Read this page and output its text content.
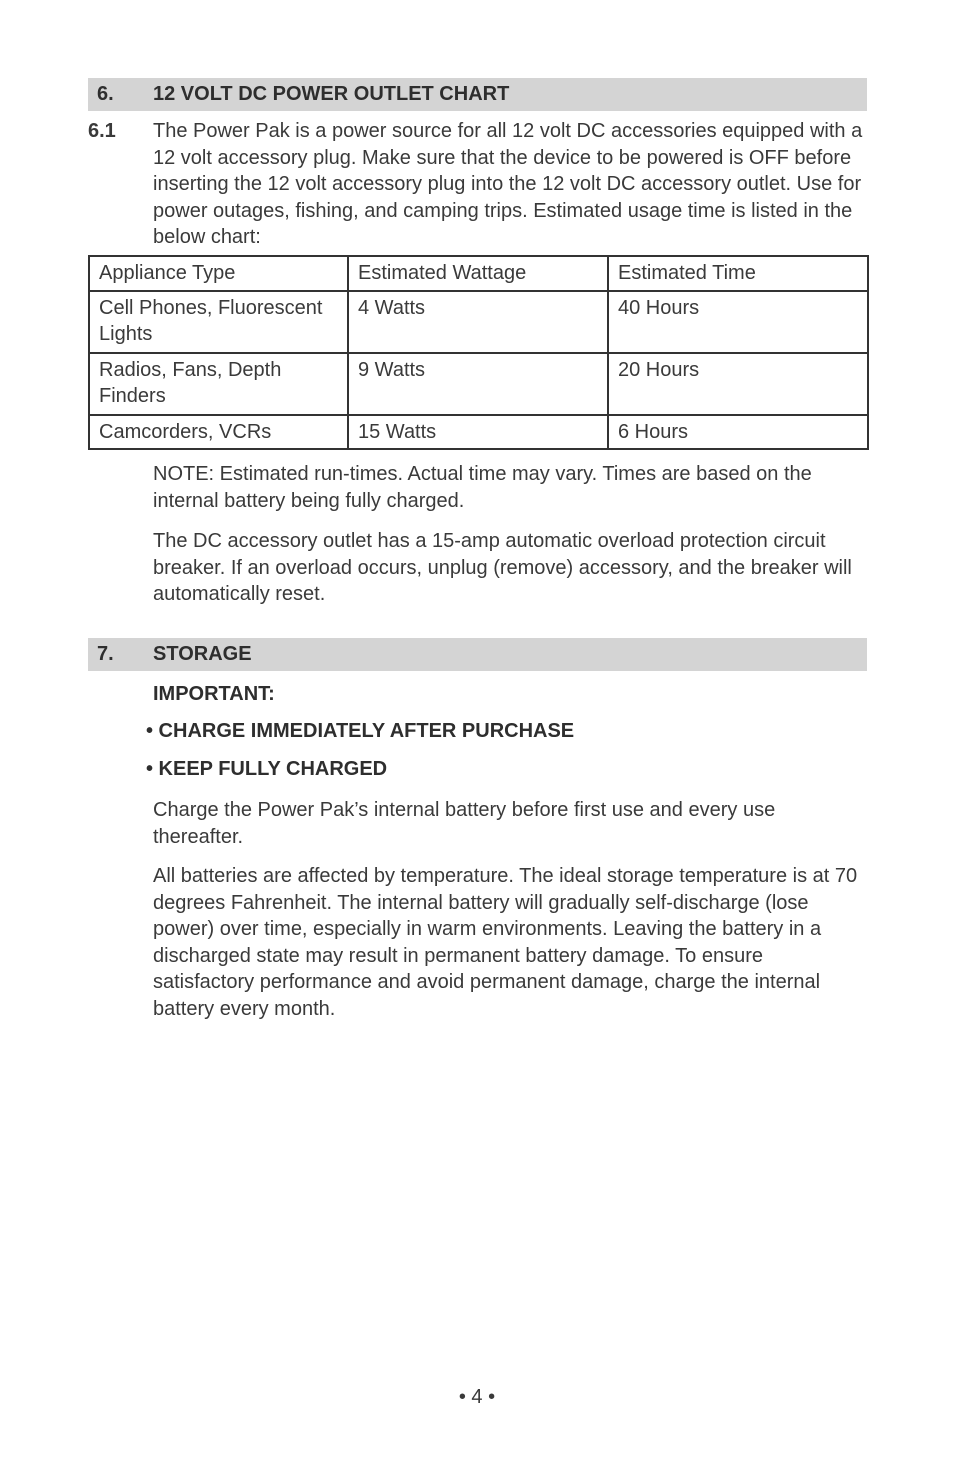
6. 12 VOLT DC POWER OUTLET CHART
6.1 The Power Pak is a power source for all 12 volt DC accessories equipped with a 12 volt accessory plug. Make sure that the device to be powered is OFF before inserting the 12 volt accessory plug into the 12 volt DC accessory outlet. Use for power outages, fishing, and camping trips. Estimated usage time is listed in the below chart:

Appliance Type	Estimated Wattage	Estimated Time
Cell Phones, Fluorescent Lights	4 Watts	40 Hours
Radios, Fans, Depth Finders	9 Watts	20 Hours
Camcorders, VCRs	15 Watts	6 Hours

NOTE: Estimated run-times. Actual time may vary. Times are based on the internal battery being fully charged.

The DC accessory outlet has a 15-amp automatic overload protection circuit breaker. If an overload occurs, unplug (remove) accessory, and the breaker will automatically reset.

7. STORAGE
IMPORTANT:
• CHARGE IMMEDIATELY AFTER PURCHASE
• KEEP FULLY CHARGED

Charge the Power Pak’s internal battery before first use and every use thereafter.

All batteries are affected by temperature. The ideal storage temperature is at 70 degrees Fahrenheit. The internal battery will gradually self-discharge (lose power) over time, especially in warm environments. Leaving the battery in a discharged state may result in permanent battery damage. To ensure satisfactory performance and avoid permanent damage, charge the internal battery every month.

• 4 •
